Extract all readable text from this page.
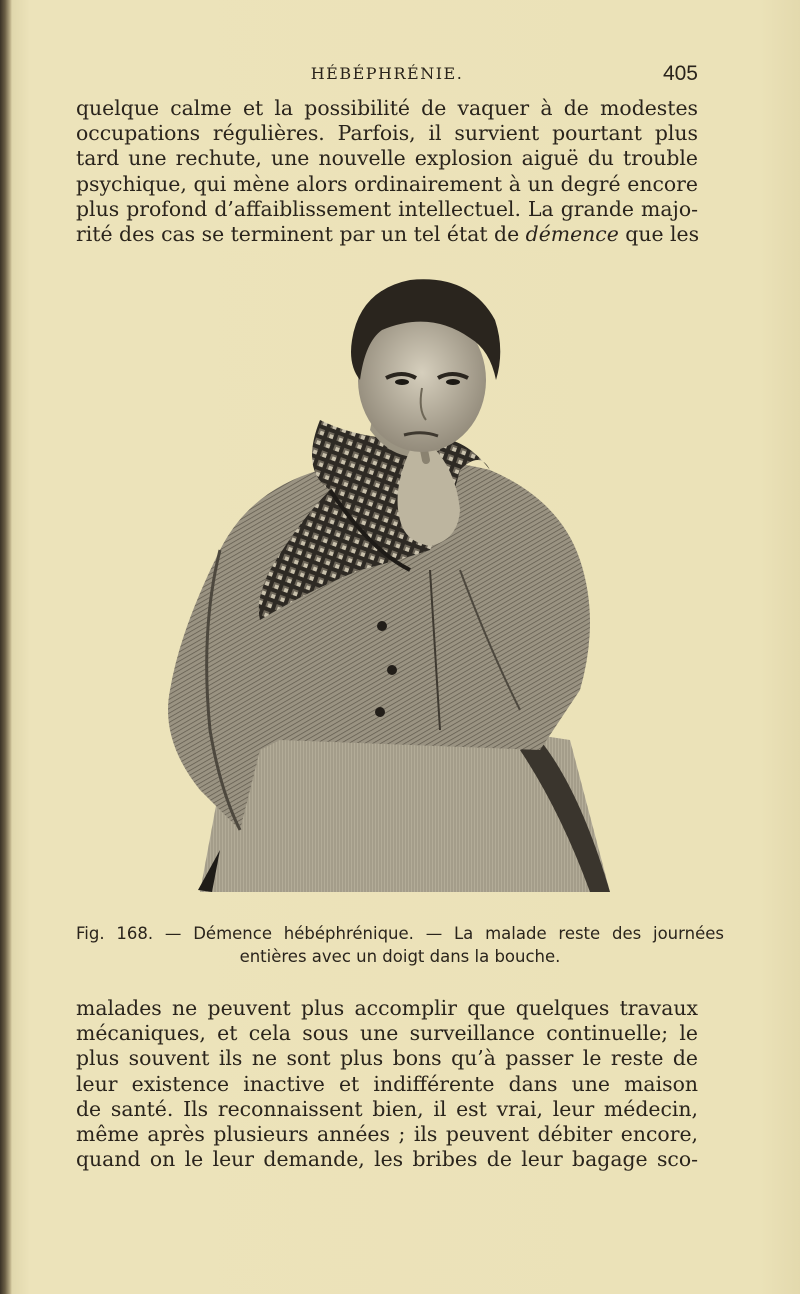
HÉBÉPHRÉNIE.	405
quelque calme et la possibilité de vaquer à de modestes
occupations régulières. Parfois, il survient pourtant plus
tard une rechute, une nouvelle explosion aiguë du trouble
psychique, qui mène alors ordinairement à un degré encore
plus profond d’affaiblissement intellectuel. La grande majo-
rité des cas se terminent par un tel état de démence que les
Fig. 168. — Démence hébéphrénique. — La malade reste des journées
entières avec un doigt dans la bouche.
malades ne peuvent plus accomplir que quelques travaux
mécaniques, et cela sous une surveillance continuelle; le
plus souvent ils ne sont plus bons qu’à passer le reste de
leur existence inactive et indifférente dans une maison
de santé. Ils reconnaissent bien, il est vrai, leur médecin,
même après plusieurs années ; ils peuvent débiter encore,
quand on le leur demande, les bribes de leur bagage sco-
